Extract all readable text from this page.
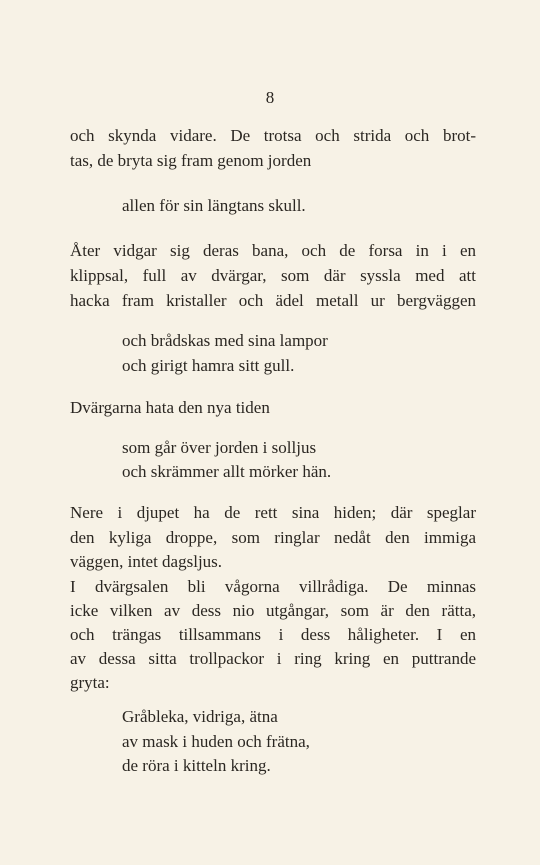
8
och skynda vidare. De trotsa och strida och brot-
tas, de bryta sig fram genom jorden
allen för sin längtans skull.
Åter vidgar sig deras bana, och de forsa in i en
klippsal, full av dvärgar, som där syssla med att
hacka fram kristaller och ädel metall ur bergväggen
och brådskas med sina lampor
och girigt hamra sitt gull.
Dvärgarna hata den nya tiden
som går över jorden i solljus
och skrämmer allt mörker hän.
Nere i djupet ha de rett sina hiden; där speglar
den kyliga droppe, som ringlar nedåt den immiga
väggen, intet dagsljus.
I dvärgsalen bli vågorna villrådiga. De minnas
icke vilken av dess nio utgångar, som är den rätta,
och trängas tillsammans i dess håligheter. I en
av dessa sitta trollpackor i ring kring en puttrande
gryta:
Gråbleka, vidriga, ätna
av mask i huden och frätna,
de röra i kitteln kring.
